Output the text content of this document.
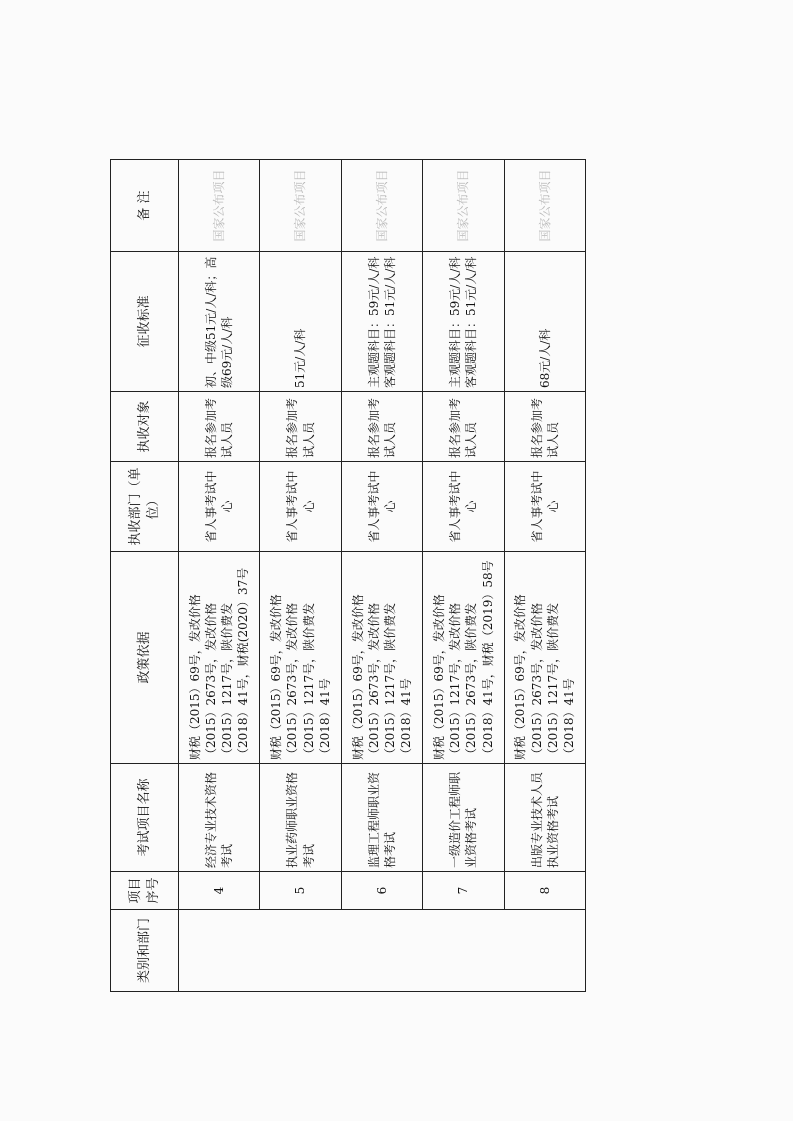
类别和部门	项目序号	考试项目名称	政策依据	执收部门（单位）	执收对象	征收标准	备 注
	4	经济专业技术资格考试	财税（2015）69号，发改价格（2015）2673号，发改价格（2015）1217号，陕价费发（2018）41号，财税(2020）37号	省人事考试中心	报名参加考试人员	初、中级51元/人/科；高级69元/人/科	国家公布项目
	5	执业药师职业资格考试	财税（2015）69号，发改价格（2015）2673号，发改价格（2015）1217号，陕价费发（2018）41号	省人事考试中心	报名参加考试人员	51元/人/科	国家公布项目
	6	监理工程师职业资格考试	财税（2015）69号，发改价格（2015）2673号，发改价格（2015）1217号，陕价费发（2018）41号	省人事考试中心	报名参加考试人员	主观题科目：59元/人/科 客观题科目：51元/人/科	国家公布项目
	7	一级造价工程师职业资格考试	财税（2015）69号，发改价格（2015）1217号，发改价格（2015）2673号，陕价费发（2018）41号，财税（2019）58号	省人事考试中心	报名参加考试人员	主观题科目：59元/人/科 客观题科目：51元/人/科	国家公布项目
	8	出版专业技术人员执业资格考试	财税（2015）69号，发改价格（2015）2673号，发改价格（2015）1217号，陕价费发（2018）41号	省人事考试中心	报名参加考试人员	68元/人/科	国家公布项目
